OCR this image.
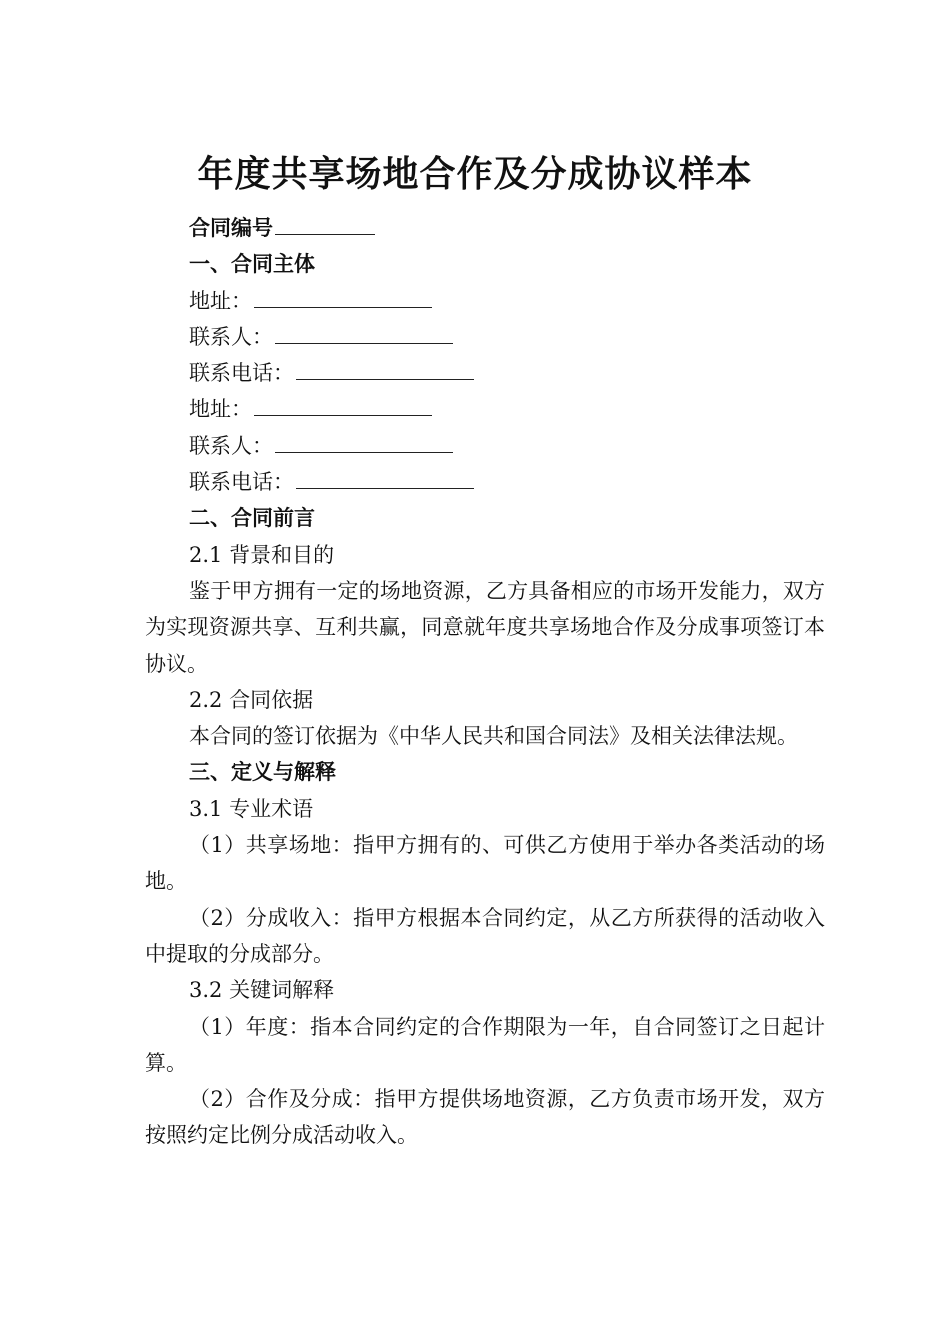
年度共享场地合作及分成协议样本
合同编号
一、合同主体
地址：
联系人：
联系电话：
地址：
联系人：
联系电话：
二、合同前言
2.1 背景和目的
鉴于甲方拥有一定的场地资源，乙方具备相应的市场开发能力，双方为实现资源共享、互利共赢，同意就年度共享场地合作及分成事项签订本协议。
2.2 合同依据
本合同的签订依据为《中华人民共和国合同法》及相关法律法规。
三、定义与解释
3.1 专业术语
（1）共享场地：指甲方拥有的、可供乙方使用于举办各类活动的场地。
（2）分成收入：指甲方根据本合同约定，从乙方所获得的活动收入中提取的分成部分。
3.2 关键词解释
（1）年度：指本合同约定的合作期限为一年，自合同签订之日起计算。
（2）合作及分成：指甲方提供场地资源，乙方负责市场开发，双方按照约定比例分成活动收入。
